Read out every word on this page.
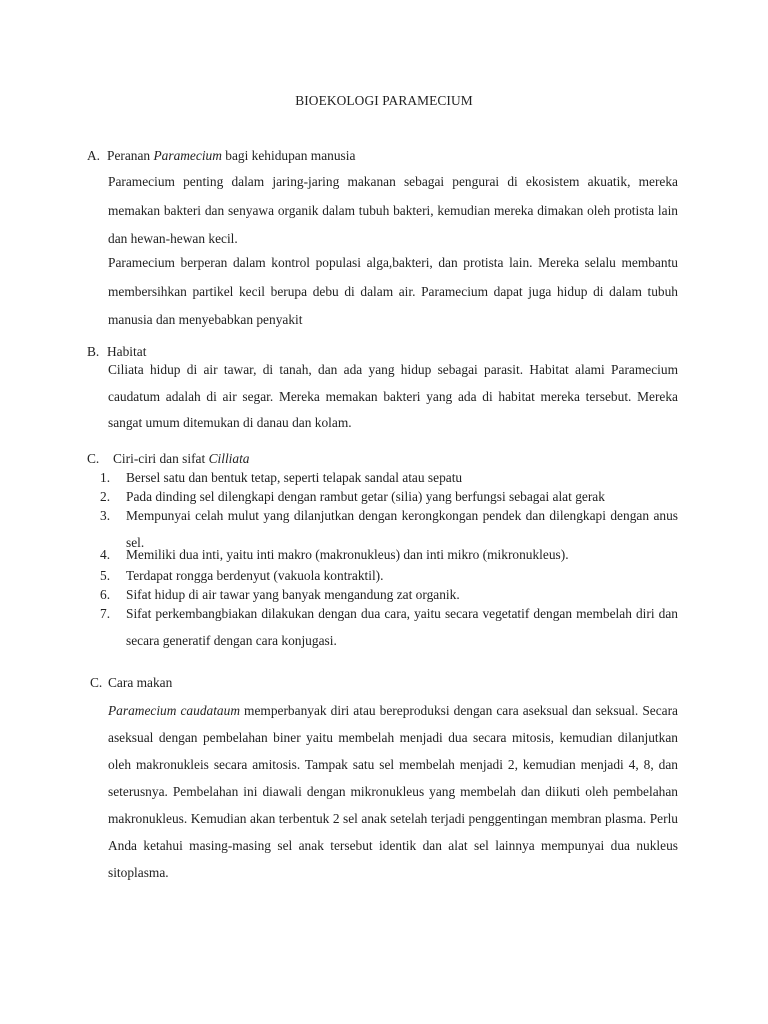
BIOEKOLOGI PARAMECIUM
A. Peranan Paramecium bagi kehidupan manusia

Paramecium penting dalam jaring-jaring makanan sebagai pengurai di ekosistem akuatik, mereka memakan bakteri dan senyawa organik dalam tubuh bakteri, kemudian mereka dimakan oleh protista lain dan hewan-hewan kecil.

Paramecium berperan dalam kontrol populasi alga,bakteri, dan protista lain. Mereka selalu membantu membersihkan partikel kecil berupa debu di dalam air. Paramecium dapat juga hidup di dalam tubuh manusia dan menyebabkan penyakit

B. Habitat

Ciliata hidup di air tawar, di tanah, dan ada yang hidup sebagai parasit. Habitat alami Paramecium caudatum adalah di air segar. Mereka memakan bakteri yang ada di habitat mereka tersebut. Mereka sangat umum ditemukan di danau dan kolam.

C. Ciri-ciri dan sifat Cilliata
1.	Bersel satu dan bentuk tetap, seperti telapak sandal atau sepatu
2.	Pada dinding sel dilengkapi dengan rambut getar (silia) yang berfungsi sebagai alat gerak
3.	Mempunyai celah mulut yang dilanjutkan dengan kerongkongan pendek dan dilengkapi dengan anus sel.
4.	Memiliki dua inti, yaitu inti makro (makronukleus) dan inti mikro (mikronukleus).
5.	Terdapat rongga berdenyut (vakuola kontraktil).
6.	Sifat hidup di air tawar yang banyak mengandung zat organik.
7.	Sifat perkembangbiakan dilakukan dengan dua cara, yaitu secara vegetatif dengan membelah diri dan secara generatif dengan cara konjugasi.
C. Cara makan

Paramecium caudataum memperbanyak diri atau bereproduksi dengan cara aseksual dan seksual. Secara aseksual dengan pembelahan biner yaitu membelah menjadi dua secara mitosis, kemudian dilanjutkan oleh makronukleis secara amitosis. Tampak satu sel membelah menjadi 2, kemudian menjadi 4, 8, dan seterusnya. Pembelahan ini diawali dengan mikronukleus yang membelah dan diikuti oleh pembelahan makronukleus. Kemudian akan terbentuk 2 sel anak setelah terjadi penggentingan membran plasma. Perlu Anda ketahui masing-masing sel anak tersebut identik dan alat sel lainnya mempunyai dua nukleus sitoplasma.
